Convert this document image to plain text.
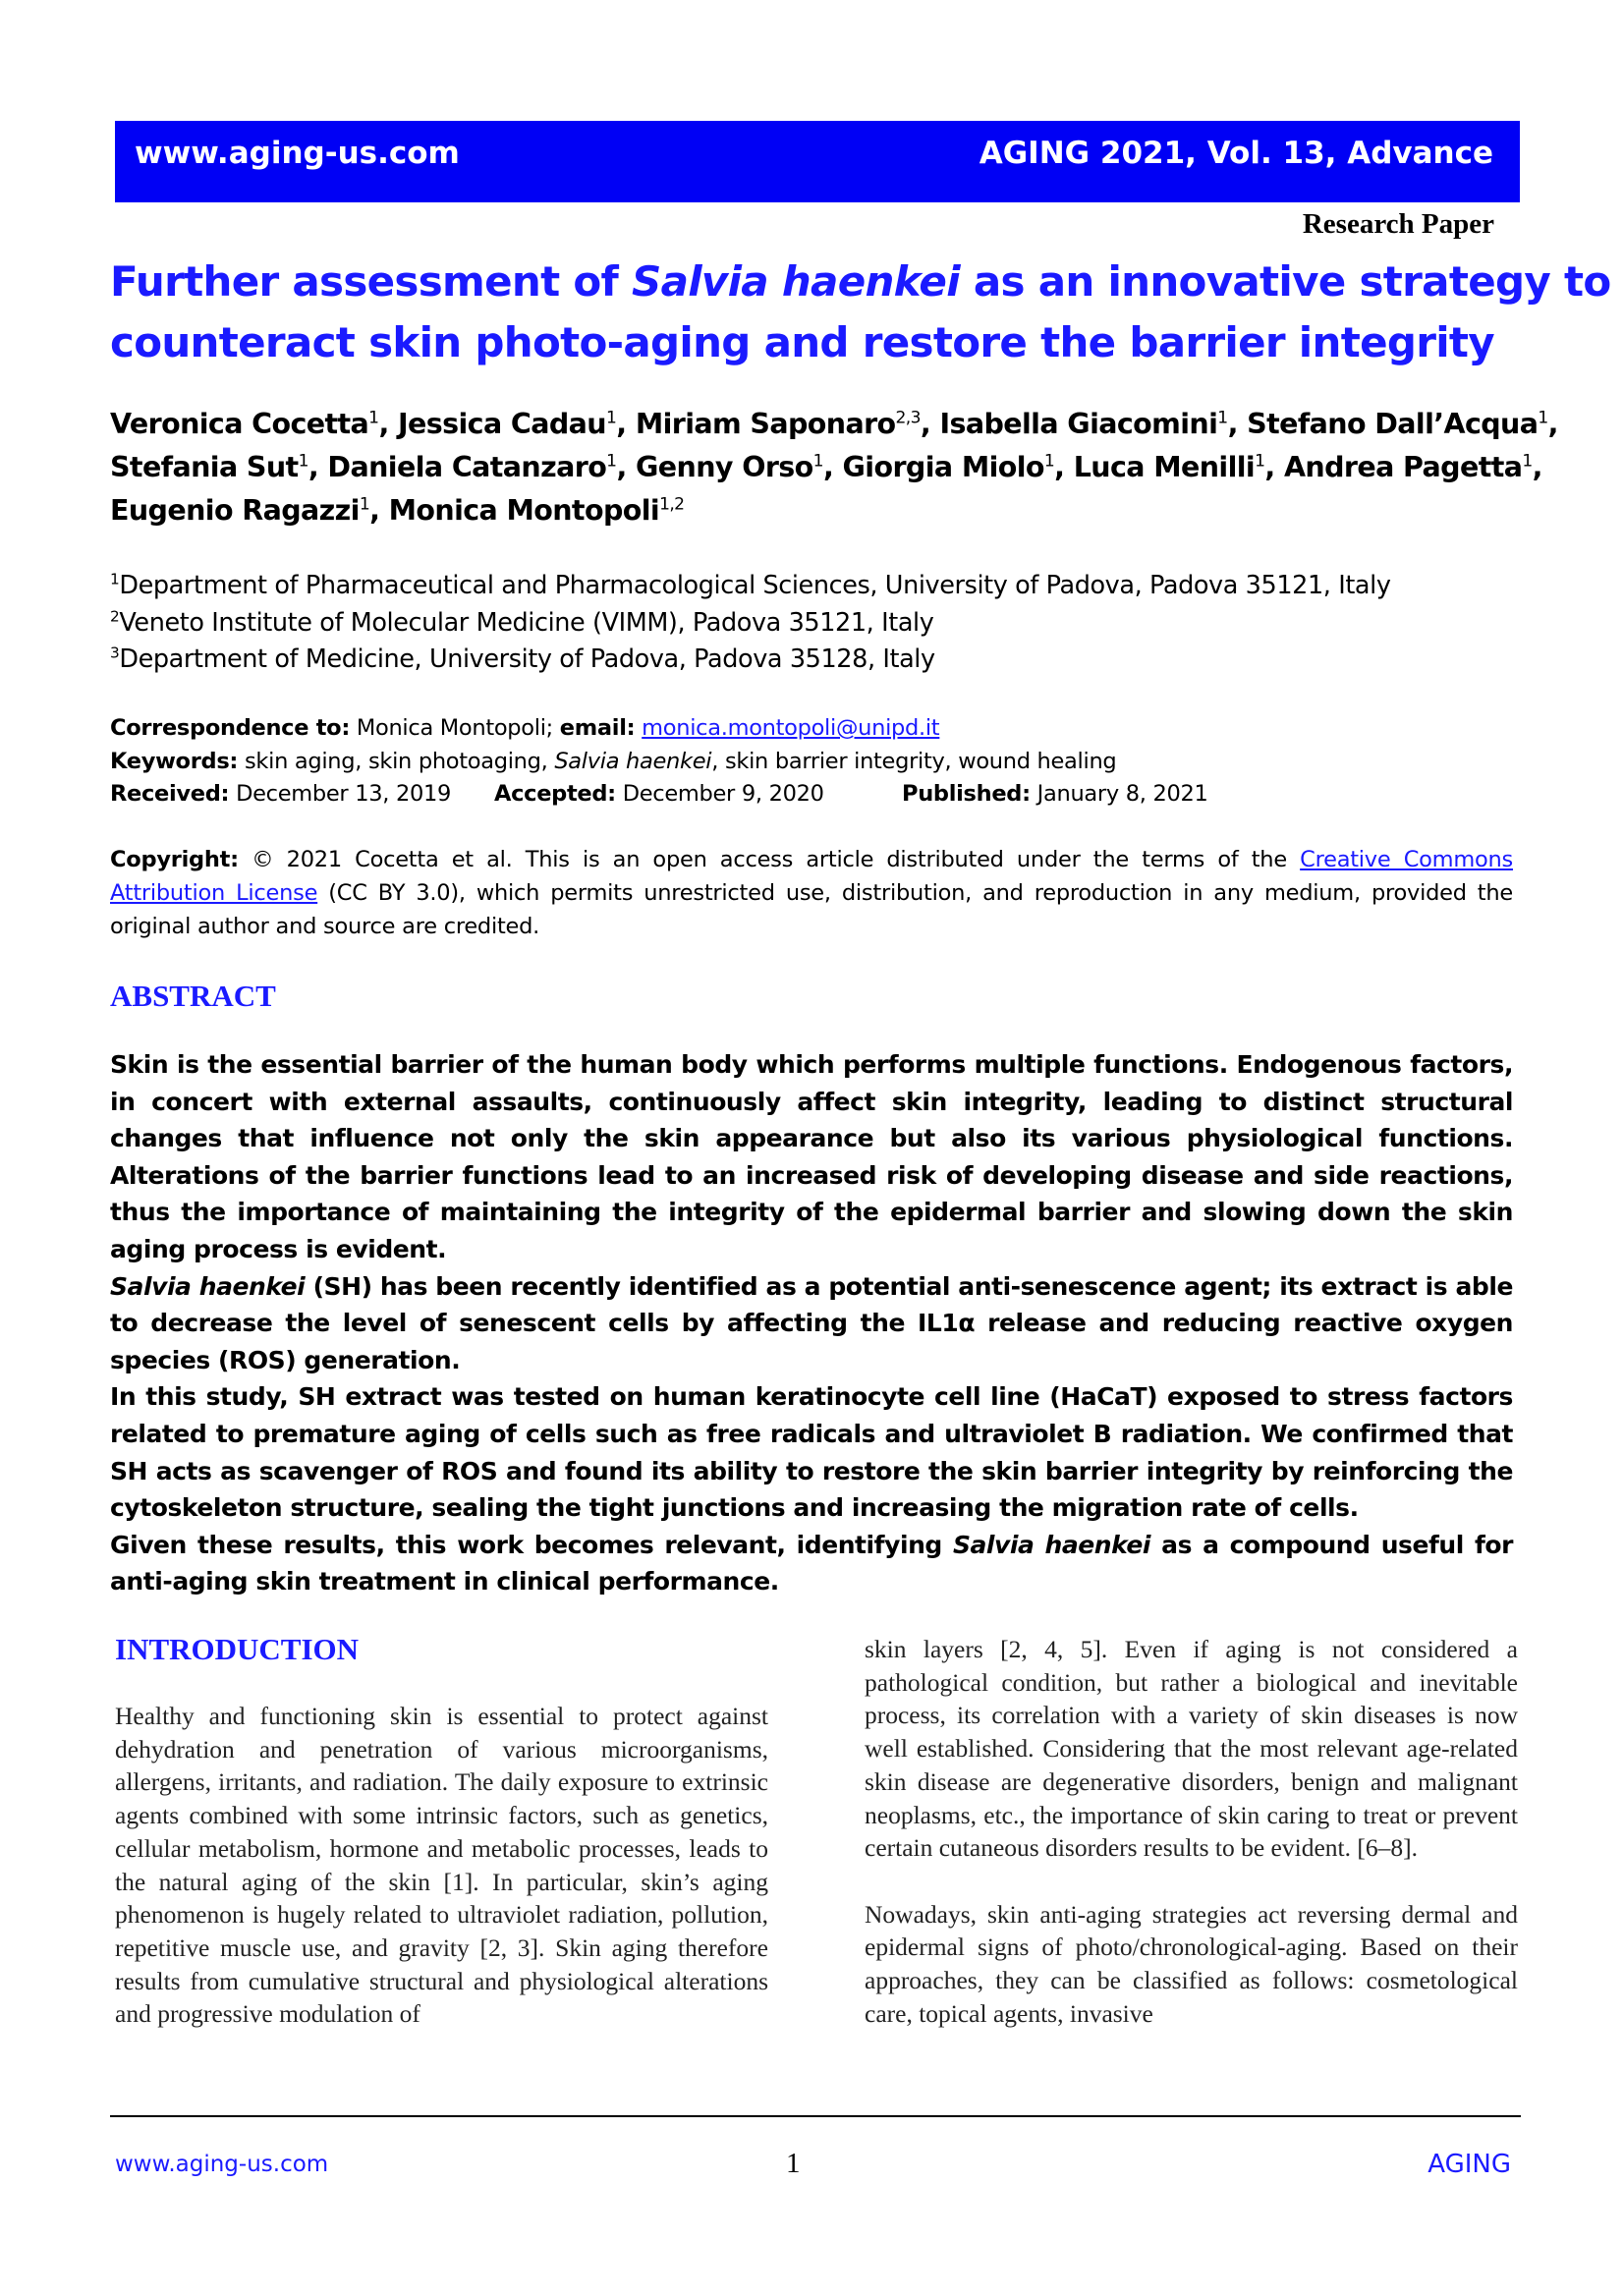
www.aging-us.com	AGING 2021, Vol. 13, Advance
Research Paper
Further assessment of Salvia haenkei as an innovative strategy to
counteract skin photo-aging and restore the barrier integrity
Veronica Cocetta$^1$, Jessica Cadau$^1$, Miriam Saponaro$^{2,3}$, Isabella Giacomini$^1$, Stefano Dall’Acqua$^1$,
Stefania Sut$^1$, Daniela Catanzaro$^1$, Genny Orso$^1$, Giorgia Miolo$^1$, Luca Menilli$^1$, Andrea Pagetta$^1$,
Eugenio Ragazzi$^1$, Monica Montopoli$^{1,2}$
$^1$Department of Pharmaceutical and Pharmacological Sciences, University of Padova, Padova 35121, Italy
$^2$Veneto Institute of Molecular Medicine (VIMM), Padova 35121, Italy
$^3$Department of Medicine, University of Padova, Padova 35128, Italy
Correspondence to: Monica Montopoli; email: monica.montopoli@unipd.it
Keywords: skin aging, skin photoaging, Salvia haenkei, skin barrier integrity, wound healing
Received: December 13, 2019 Accepted: December 9, 2020	Published: January 8, 2021
Copyright: © 2021 Cocetta et al. This is an open access article distributed under the terms of the Creative Commons Attribution License (CC BY 3.0), which permits unrestricted use, distribution, and reproduction in any medium, provided the original author and source are credited.
ABSTRACT

Skin is the essential barrier of the human body which performs multiple functions. Endogenous factors, in concert with external assaults, continuously affect skin integrity, leading to distinct structural changes that influence not only the skin appearance but also its various physiological functions. Alterations of the barrier functions lead to an increased risk of developing disease and side reactions, thus the importance of maintaining the integrity of the epidermal barrier and slowing down the skin aging process is evident.

Salvia haenkei (SH) has been recently identified as a potential anti-senescence agent; its extract is able to decrease the level of senescent cells by affecting the IL1α release and reducing reactive oxygen species (ROS) generation.

In this study, SH extract was tested on human keratinocyte cell line (HaCaT) exposed to stress factors related to premature aging of cells such as free radicals and ultraviolet B radiation. We confirmed that SH acts as scavenger of ROS and found its ability to restore the skin barrier integrity by reinforcing the cytoskeleton structure, sealing the tight junctions and increasing the migration rate of cells.

Given these results, this work becomes relevant, identifying Salvia haenkei as a compound useful for anti-aging skin treatment in clinical performance.

INTRODUCTION

Healthy and functioning skin is essential to protect against dehydration and penetration of various microorganisms, allergens, irritants, and radiation. The daily exposure to extrinsic agents combined with some intrinsic factors, such as genetics, cellular metabolism, hormone and metabolic processes, leads to the natural aging of the skin [1]. In particular, skin’s aging phenomenon is hugely related to ultraviolet radiation, pollution, repetitive muscle use, and gravity [2, 3]. Skin aging therefore results from cumulative structural and physiological alterations and progressive modulation of

skin layers [2, 4, 5]. Even if aging is not considered a pathological condition, but rather a biological and inevitable process, its correlation with a variety of skin diseases is now well established. Considering that the most relevant age-related skin disease are degenerative disorders, benign and malignant neoplasms, etc., the importance of skin caring to treat or prevent certain cutaneous disorders results to be evident. [6–8].

Nowadays, skin anti-aging strategies act reversing dermal and epidermal signs of photo/chronological-aging. Based on their approaches, they can be classified as follows: cosmetological care, topical agents, invasive

www.aging-us.com	1	AGING
